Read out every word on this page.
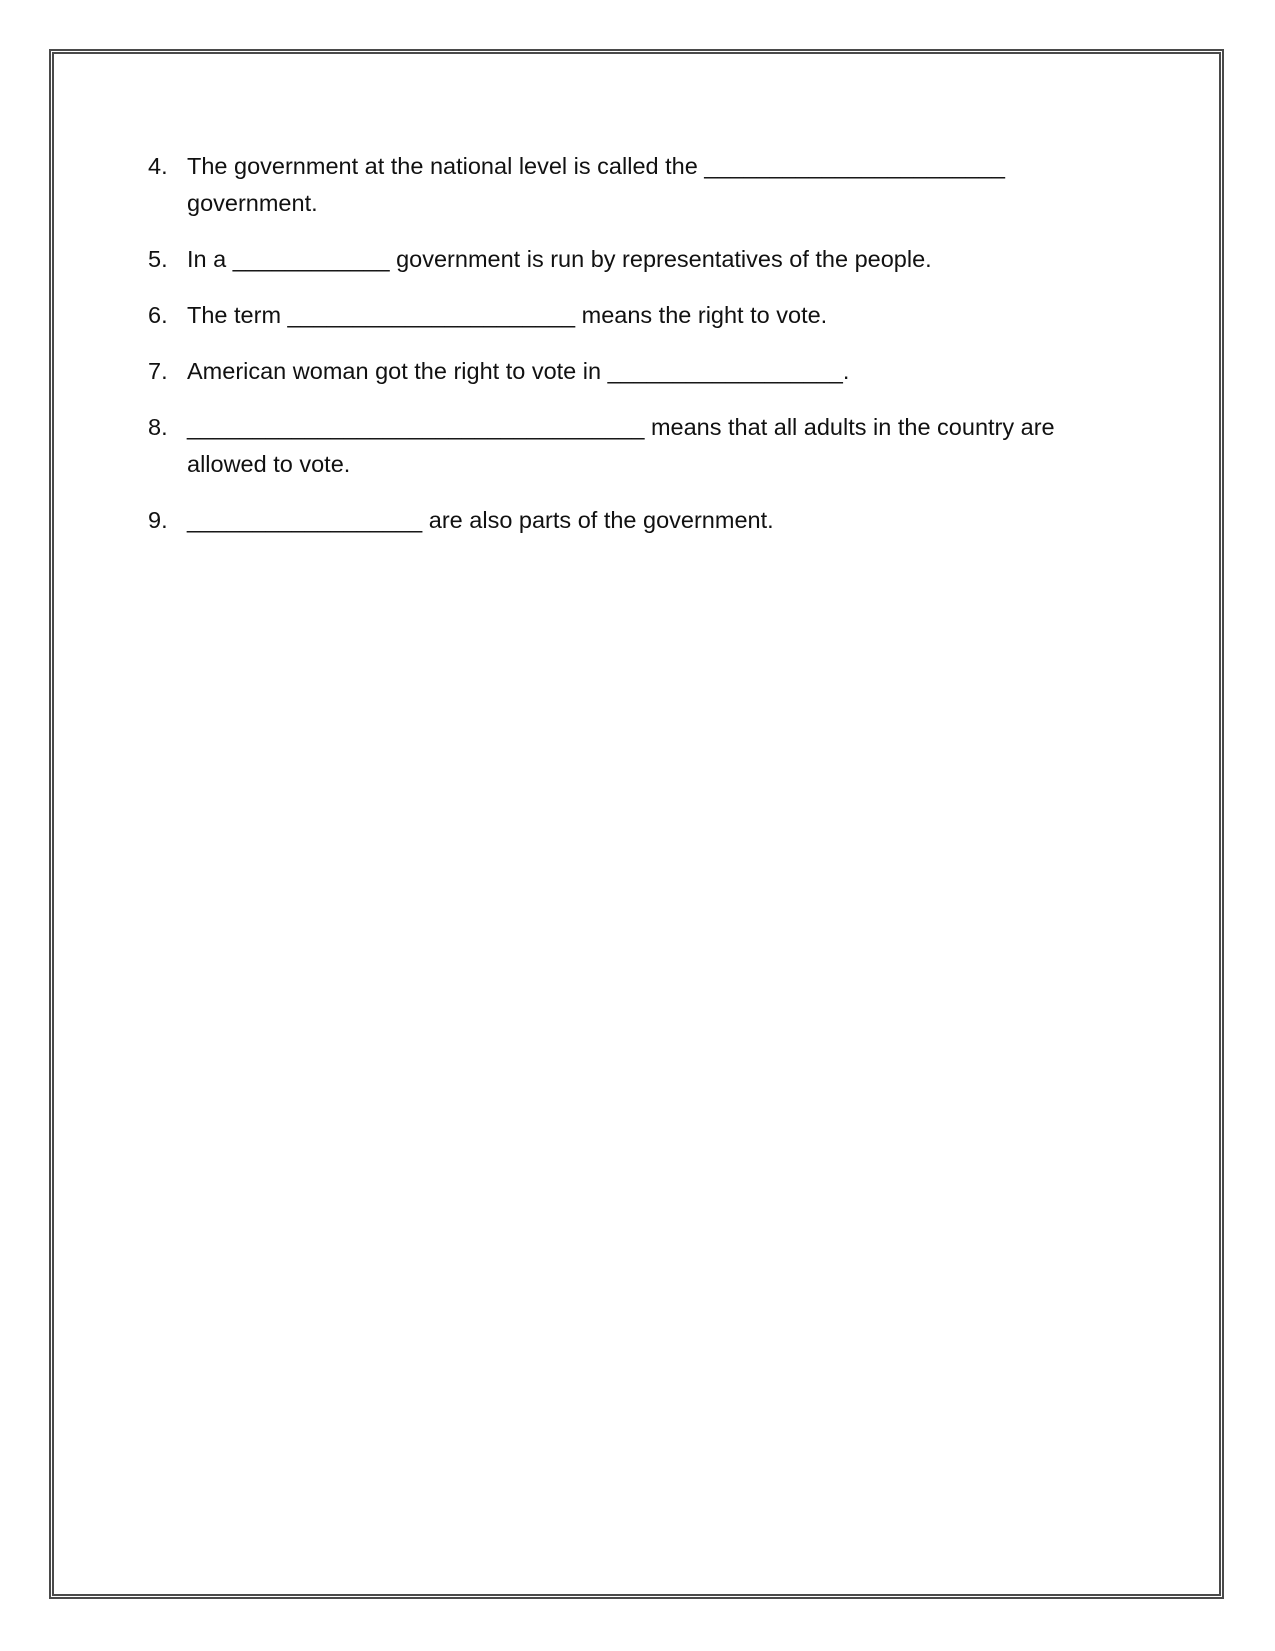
4. The government at the national level is called the _______________________ government.
5. In a ____________ government is run by representatives of the people.
6. The term ______________________ means the right to vote.
7. American woman got the right to vote in __________________.
8. ___________________________________ means that all adults in the country are allowed to vote.
9. __________________ are also parts of the government.
